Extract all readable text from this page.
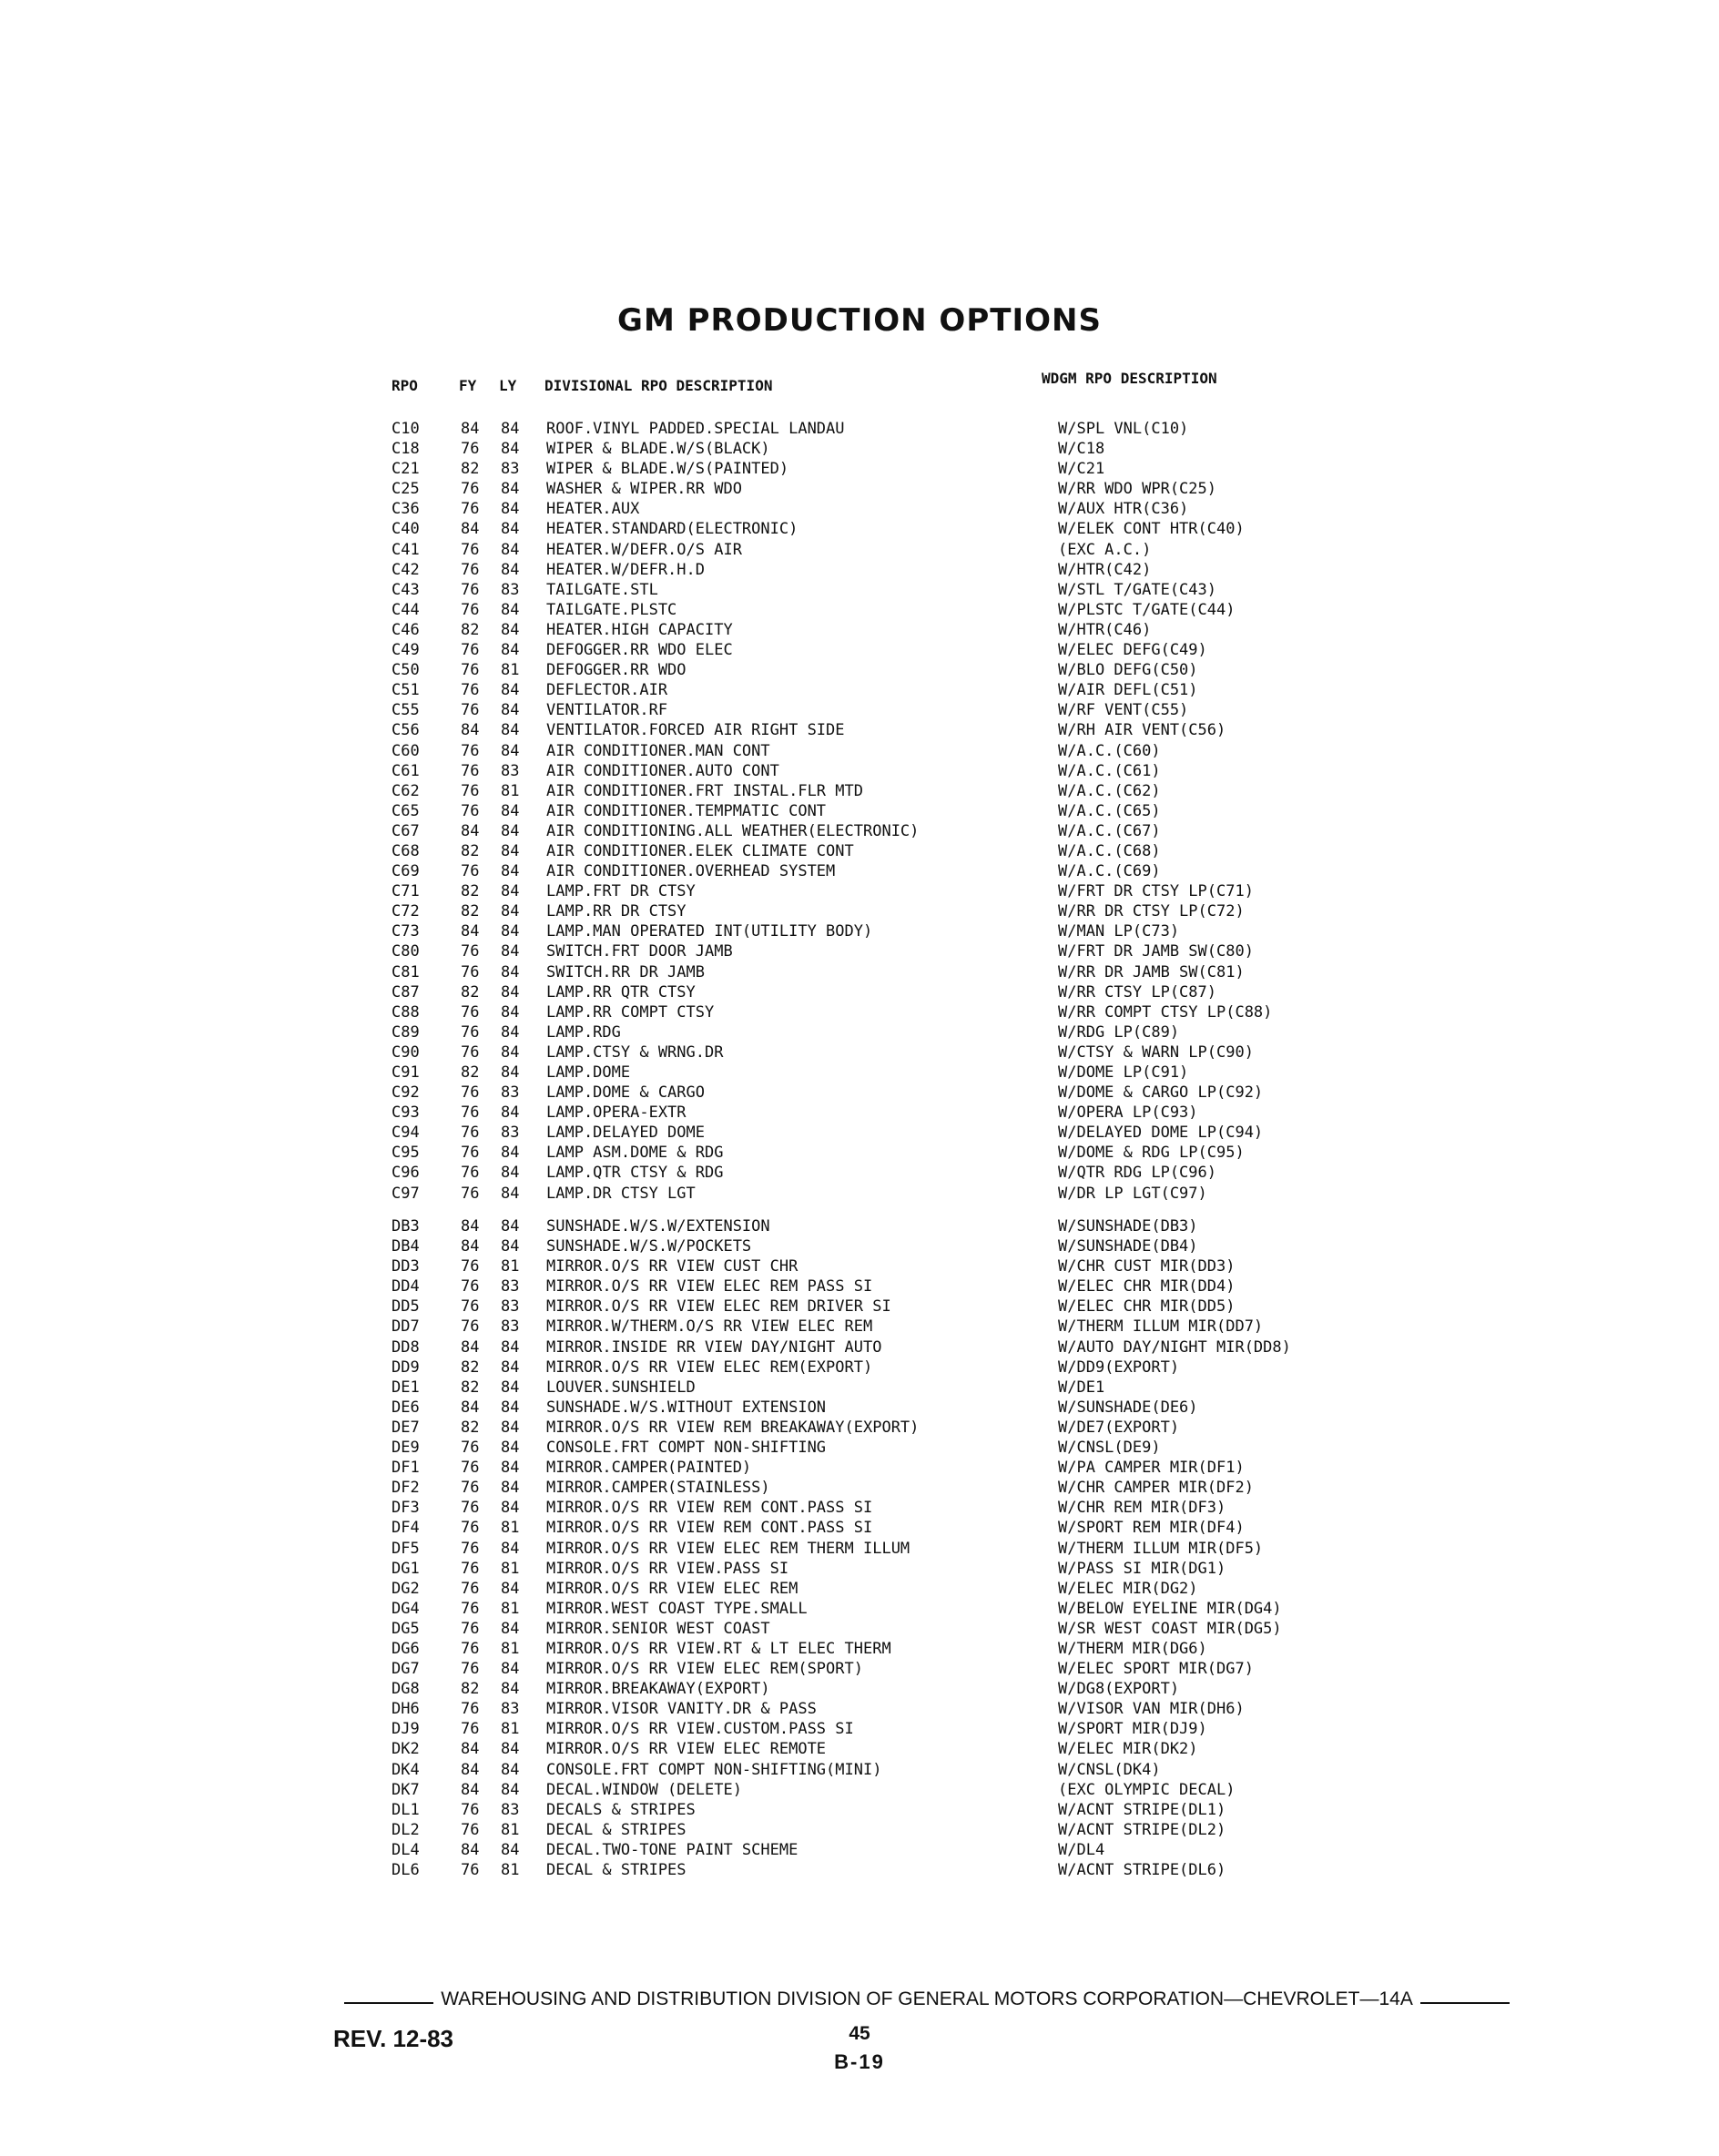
GM PRODUCTION OPTIONS
RPO	FY LY DIVISIONAL RPO DESCRIPTION	WDGM RPO DESCRIPTION
C10	84 84 ROOF.VINYL PADDED.SPECIAL LANDAU	W/SPL VNL(C10)
C18	76 84 WIPER & BLADE.W/S(BLACK)	W/C18
C21	82 83 WIPER & BLADE.W/S(PAINTED)	W/C21
C25	76 84 WASHER & WIPER.RR WDO	W/RR WDO WPR(C25)
C36	76 84 HEATER.AUX	W/AUX HTR(C36)
C40	84 84 HEATER.STANDARD(ELECTRONIC)	W/ELEK CONT HTR(C40)
C41	76 84 HEATER.W/DEFR.O/S AIR	(EXC A.C.)
C42	76 84 HEATER.W/DEFR.H.D	W/HTR(C42)
C43	76 83 TAILGATE.STL	W/STL T/GATE(C43)
C44	76 84 TAILGATE.PLSTC	W/PLSTC T/GATE(C44)
C46	82 84 HEATER.HIGH CAPACITY	W/HTR(C46)
C49	76 84 DEFOGGER.RR WDO ELEC	W/ELEC DEFG(C49)
C50	76 81 DEFOGGER.RR WDO	W/BLO DEFG(C50)
C51	76 84 DEFLECTOR.AIR	W/AIR DEFL(C51)
C55	76 84 VENTILATOR.RF	W/RF VENT(C55)
C56	84 84 VENTILATOR.FORCED AIR RIGHT SIDE	W/RH AIR VENT(C56)
C60	76 84 AIR CONDITIONER.MAN CONT	W/A.C.(C60)
C61	76 83 AIR CONDITIONER.AUTO CONT	W/A.C.(C61)
C62	76 81 AIR CONDITIONER.FRT INSTAL.FLR MTD	W/A.C.(C62)
C65	76 84 AIR CONDITIONER.TEMPMATIC CONT	W/A.C.(C65)
C67	84 84 AIR CONDITIONING.ALL WEATHER(ELECTRONIC)	W/A.C.(C67)
C68	82 84 AIR CONDITIONER.ELEK CLIMATE CONT	W/A.C.(C68)
C69	76 84 AIR CONDITIONER.OVERHEAD SYSTEM	W/A.C.(C69)
C71	82 84 LAMP.FRT DR CTSY	W/FRT DR CTSY LP(C71)
C72	82 84 LAMP.RR DR CTSY	W/RR DR CTSY LP(C72)
C73	84 84 LAMP.MAN OPERATED INT(UTILITY BODY)	W/MAN LP(C73)
C80	76 84 SWITCH.FRT DOOR JAMB	W/FRT DR JAMB SW(C80)
C81	76 84 SWITCH.RR DR JAMB	W/RR DR JAMB SW(C81)
C87	82 84 LAMP.RR QTR CTSY	W/RR CTSY LP(C87)
C88	76 84 LAMP.RR COMPT CTSY	W/RR COMPT CTSY LP(C88)
C89	76 84 LAMP.RDG	W/RDG LP(C89)
C90	76 84 LAMP.CTSY & WRNG.DR	W/CTSY & WARN LP(C90)
C91	82 84 LAMP.DOME	W/DOME LP(C91)
C92	76 83 LAMP.DOME & CARGO	W/DOME & CARGO LP(C92)
C93	76 84 LAMP.OPERA-EXTR	W/OPERA LP(C93)
C94	76 83 LAMP.DELAYED DOME	W/DELAYED DOME LP(C94)
C95	76 84 LAMP ASM.DOME & RDG	W/DOME & RDG LP(C95)
C96	76 84 LAMP.QTR CTSY & RDG	W/QTR RDG LP(C96)
C97	76 84 LAMP.DR CTSY LGT	W/DR LP LGT(C97)
DB3	84 84 SUNSHADE.W/S.W/EXTENSION	W/SUNSHADE(DB3)
DB4	84 84 SUNSHADE.W/S.W/POCKETS	W/SUNSHADE(DB4)
DD3	76 81 MIRROR.O/S RR VIEW CUST CHR	W/CHR CUST MIR(DD3)
DD4	76 83 MIRROR.O/S RR VIEW ELEC REM PASS SI	W/ELEC CHR MIR(DD4)
DD5	76 83 MIRROR.O/S RR VIEW ELEC REM DRIVER SI	W/ELEC CHR MIR(DD5)
DD7	76 83 MIRROR.W/THERM.O/S RR VIEW ELEC REM	W/THERM ILLUM MIR(DD7)
DD8	84 84 MIRROR.INSIDE RR VIEW DAY/NIGHT AUTO	W/AUTO DAY/NIGHT MIR(DD8)
DD9	82 84 MIRROR.O/S RR VIEW ELEC REM(EXPORT)	W/DD9(EXPORT)
DE1	82 84 LOUVER.SUNSHIELD	W/DE1
DE6	84 84 SUNSHADE.W/S.WITHOUT EXTENSION	W/SUNSHADE(DE6)
DE7	82 84 MIRROR.O/S RR VIEW REM BREAKAWAY(EXPORT)	W/DE7(EXPORT)
DE9	76 84 CONSOLE.FRT COMPT NON-SHIFTING	W/CNSL(DE9)
DF1	76 84 MIRROR.CAMPER(PAINTED)	W/PA CAMPER MIR(DF1)
DF2	76 84 MIRROR.CAMPER(STAINLESS)	W/CHR CAMPER MIR(DF2)
DF3	76 84 MIRROR.O/S RR VIEW REM CONT.PASS SI	W/CHR REM MIR(DF3)
DF4	76 81 MIRROR.O/S RR VIEW REM CONT.PASS SI	W/SPORT REM MIR(DF4)
DF5	76 84 MIRROR.O/S RR VIEW ELEC REM THERM ILLUM	W/THERM ILLUM MIR(DF5)
DG1	76 81 MIRROR.O/S RR VIEW.PASS SI	W/PASS SI MIR(DG1)
DG2	76 84 MIRROR.O/S RR VIEW ELEC REM	W/ELEC MIR(DG2)
DG4	76 81 MIRROR.WEST COAST TYPE.SMALL	W/BELOW EYELINE MIR(DG4)
DG5	76 84 MIRROR.SENIOR WEST COAST	W/SR WEST COAST MIR(DG5)
DG6	76 81 MIRROR.O/S RR VIEW.RT & LT ELEC THERM	W/THERM MIR(DG6)
DG7	76 84 MIRROR.O/S RR VIEW ELEC REM(SPORT)	W/ELEC SPORT MIR(DG7)
DG8	82 84 MIRROR.BREAKAWAY(EXPORT)	W/DG8(EXPORT)
DH6	76 83 MIRROR.VISOR VANITY.DR & PASS	W/VISOR VAN MIR(DH6)
DJ9	76 81 MIRROR.O/S RR VIEW.CUSTOM.PASS SI	W/SPORT MIR(DJ9)
DK2	84 84 MIRROR.O/S RR VIEW ELEC REMOTE	W/ELEC MIR(DK2)
DK4	84 84 CONSOLE.FRT COMPT NON-SHIFTING(MINI)	W/CNSL(DK4)
DK7	84 84 DECAL.WINDOW (DELETE)	(EXC OLYMPIC DECAL)
DL1	76 83 DECALS & STRIPES	W/ACNT STRIPE(DL1)
DL2	76 81 DECAL & STRIPES	W/ACNT STRIPE(DL2)
DL4	84 84 DECAL.TWO-TONE PAINT SCHEME	W/DL4
DL6	76 81 DECAL & STRIPES	W/ACNT STRIPE(DL6)
WAREHOUSING AND DISTRIBUTION DIVISION OF GENERAL MOTORS CORPORATION—CHEVROLET—14A
REV. 12-83	45
B-19
